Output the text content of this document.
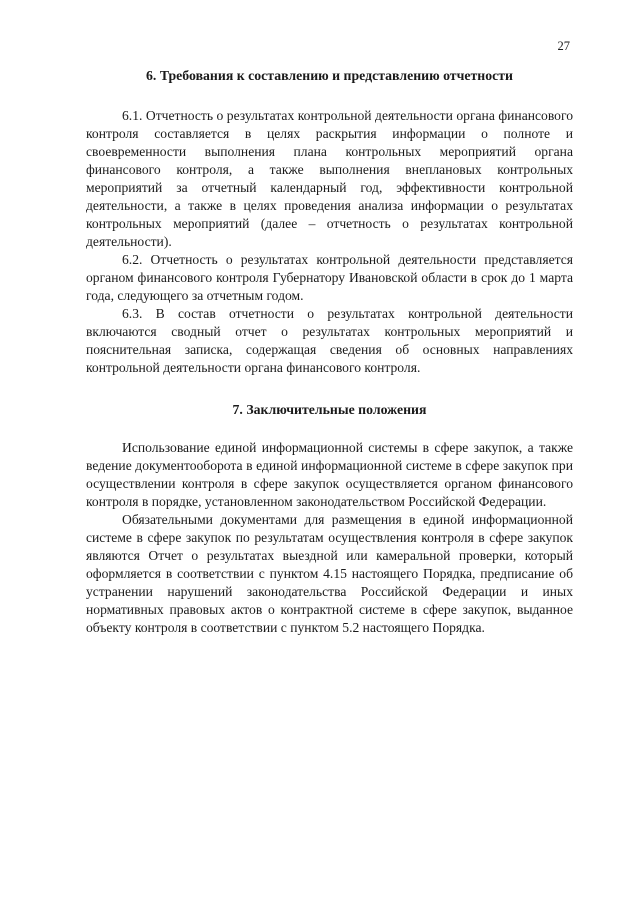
27
6. Требования к составлению и представлению отчетности

6.1. Отчетность о результатах контрольной деятельности органа финансового контроля составляется в целях раскрытия информации о полноте и своевременности выполнения плана контрольных мероприятий органа финансового контроля, а также выполнения внеплановых контрольных мероприятий за отчетный календарный год, эффективности контрольной деятельности, а также в целях проведения анализа информации о результатах контрольных мероприятий (далее – отчетность о результатах контрольной деятельности).

6.2. Отчетность о результатах контрольной деятельности представляется органом финансового контроля Губернатору Ивановской области в срок до 1 марта года, следующего за отчетным годом.

6.3. В состав отчетности о результатах контрольной деятельности включаются сводный отчет о результатах контрольных мероприятий и пояснительная записка, содержащая сведения об основных направлениях контрольной деятельности органа финансового контроля.

7. Заключительные положения

Использование единой информационной системы в сфере закупок, а также ведение документооборота в единой информационной системе в сфере закупок при осуществлении контроля в сфере закупок осуществляется органом финансового контроля в порядке, установленном законодательством Российской Федерации.

Обязательными документами для размещения в единой информационной системе в сфере закупок по результатам осуществления контроля в сфере закупок являются Отчет о результатах выездной или камеральной проверки, который оформляется в соответствии с пунктом 4.15 настоящего Порядка, предписание об устранении нарушений законодательства Российской Федерации и иных нормативных правовых актов о контрактной системе в сфере закупок, выданное объекту контроля в соответствии с пунктом 5.2 настоящего Порядка.
